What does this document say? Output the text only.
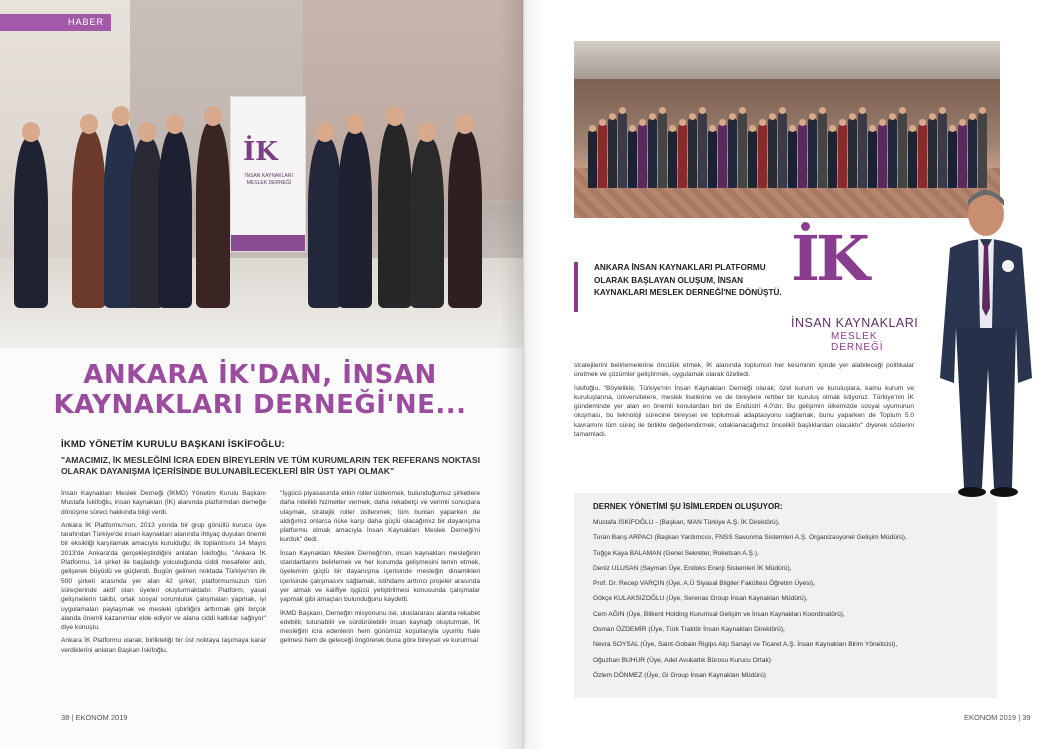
İK
İNSAN KAYNAKLARI MESLEK DERNEĞİ
HABER
ANKARA İK'DAN, İNSAN
KAYNAKLARI DERNEĞİ'NE...
İKMD YÖNETİM KURULU BAŞKANI İSKİFOĞLU:
"AMACIMIZ, İK MESLEĞİNİ İCRA EDEN BİREYLERİN VE TÜM KURUMLARIN TEK REFERANS NOKTASI OLARAK DAYANIŞMA İÇERİSİNDE BULUNABİLECEKLERİ BİR ÜST YAPI OLMAK"

İnsan Kaynakları Meslek Derneği (İKMD) Yönetim Kurulu Başkanı Mustafa İskifoğlu, insan kaynakları (İK) alanında platformdan derneğe dönüşme süreci hakkında bilgi verdi.

Ankara İK Platformu'nun, 2013 yılında bir grup gönüllü kurucu üye tarafından Türkiye'de insan kaynakları alanında ihtiyaç duyulan önemli bir eksikliği karşılamak amacıyla kurulduğu; ilk toplantısını 14 Mayıs 2013'de Ankara'da gerçekleştirdiğini anlatan İskifoğlu, "Ankara İK Platformu, 14 şirket ile başladığı yolculuğunda ciddi mesafeler aldı, gelişerek büyüdü ve güçlendi. Bugün gelinen noktada Türkiye'nin ilk 500 şirketi arasında yer alan 42 şirket; platformumuzun tüm süreçlerinde aktif olan üyeleri oluşturmaktadır. Platform, yasal gelişmelerin takibi, ortak sosyal sorumluluk çalışmaları yapmak, iyi uygulamaları paylaşmak ve mesleki işbirliğini arttırmak gibi birçok alanda önemli kazanımlar elde ediyor ve alana ciddi katkılar sağlıyor" diye konuştu.

Ankara İK Platformu olarak; birlikteliği bir üst noktaya taşımaya karar verdiklerini anlatan Başkan İskifoğlu,

"İşgücü piyasasında etkin roller üstlenmek, bulunduğumuz şirketlere daha nitelikli hizmetler vermek, daha rekabetçi ve verimli sonuçlara ulaşmak, stratejik roller üstlenmek; tüm bunları yaparken de aldığımız onlarca riske karşı daha güçlü olacağımız bir dayanışma platformu olmak amacıyla İnsan Kaynakları Meslek Derneği'ni kurduk" dedi.

İnsan Kaynakları Meslek Derneği'nin, insan kaynakları mesleğinin standartlarını belirlemek ve her kurumda gelişmesini temin etmek, üyelerinin güçlü bir dayanışma içerisinde mesleğin dinamikleri içerisinde çalışmasını sağlamak, istihdamı arttırıcı projeler arasında yer almak ve kalifiye işgücü yetiştirilmesi konusunda çalışmalar yapmak gibi amaçları bulunduğunu kaydetti.

İKMD Başkanı, Derneğin misyonunu ise, uluslararası alanda rekabet edebilir, tutunabilir ve sürdürülebilir insan kaynağı oluşturmak, İK mesleğini icra edenlerin hem günümüz koşullarıyla uyumlu hale gelmesi hem de geleceği öngörerek buna göre bireysel ve kurumsal

38 | EKONOM 2019
İK
İNSAN KAYNAKLARI
MESLEK DERNEĞİ
ANKARA İNSAN KAYNAKLARI PLATFORMU OLARAK BAŞLAYAN OLUŞUM, İNSAN KAYNAKLARI MESLEK DERNEĞİ'NE DÖNÜŞTÜ.

stratejilerini belirlemelerine öncülük etmek, İK alanında toplumun her kesiminin içinde yer alabileceği politikalar üretmek ve çözümler geliştirmek, uygulamak olarak özetledi.

İskifoğlu, "Böylelikle, Türkiye'nin İnsan Kaynakları Derneği olarak; özel kurum ve kuruluşlara, kamu kurum ve kuruluşlarına, üniversitelere, meslek liselerine ve de bireylere rehber bir kuruluş olmak istiyoruz. Türkiye'nin İK gündeminde yer alan en önemli konulardan biri de Endüstri 4.0'dır. Bu gelişimin ülkemizde sosyal uyumunun oluşması, bu teknoloji sürecine bireysel ve toplumsal adaptasyonu sağlamak, bunu yaparken de Toplum 5.0 kavramını tüm süreç ile birlikte değerlendirmek; odaklanacağımız öncelikli başlıklardan olacaktır" diyerek sözlerini tamamladı.

DERNEK YÖNETİMİ ŞU İSİMLERDEN OLUŞUYOR:
Mustafa İSKİFOĞLU - (Başkan, MAN Türkiye A.Ş. İK Direktörü),
Turan Barış ARPACI (Başkan Yardımcısı, FNSS Savunma Sistemleri A.Ş. Organizasyonel Gelişim Müdürü),
Tuğçe Kaya BALAMAN (Genel Sekreter, Roketsan A.Ş.),
Deniz ULUSAN (Sayman Üye, Endoks Enerji Sistemleri İK Müdürü),
Prof. Dr. Recep VARÇIN (Üye, A.Ü Siyasal Bilgiler Fakültesi Öğretim Üyesi),
Gökçe KULAKSIZOĞLU (Üye, Serenas Group İnsan Kaynakları Müdürü),
Cem AĞIN (Üye, Bilkent Holding Kurumsal Gelişim ve İnsan Kaynakları Koordinatörü),
Osman ÖZDEMİR (Üye, Türk Traktör İnsan Kaynakları Direktörü),
Nevra SOYSAL (Üye, Saint-Gobain Rigips Alçı Sanayi ve Ticaret A.Ş. İnsan Kaynakları Birim Yöneticisi),
Oğuzhan BUHUR (Üye, Adel Avukatlık Bürosu Kurucu Ortak)
Özlem DÖNMEZ (Üye, Gi Group İnsan Kaynakları Müdürü)
EKONOM 2019 | 39
